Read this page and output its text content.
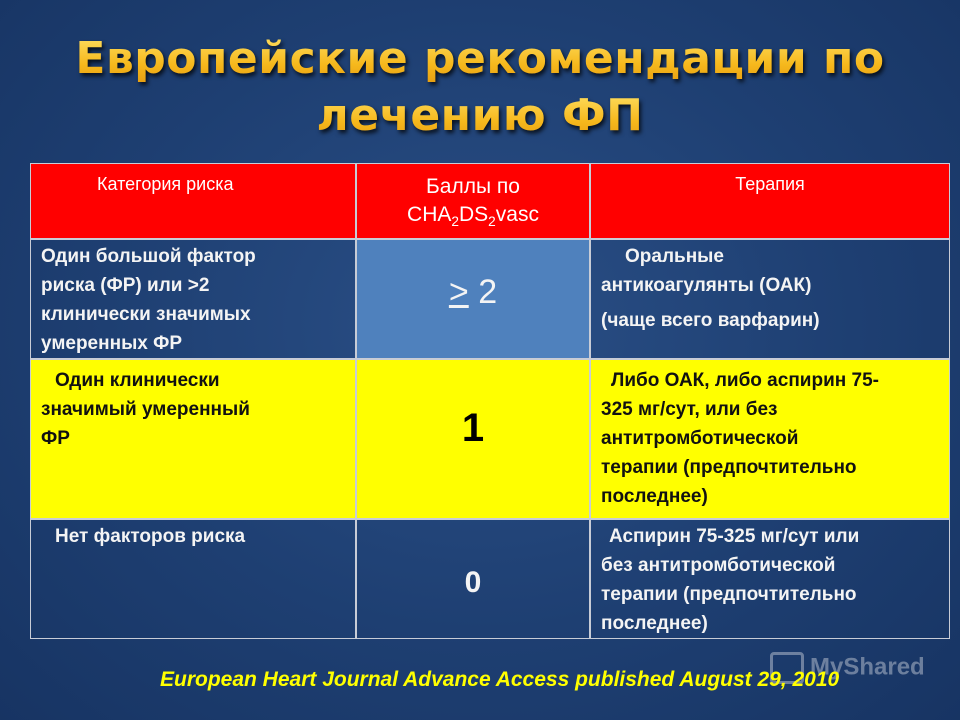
Европейские рекомендации по
лечению ФП
Категория риска	Баллы по
$CHA_2DS_2vasc$
Терапия
Один большой фактор
риска (ФР) или >2
клинически значимых
умеренных ФР
> 2
Оральные
антикоагулянты (ОАК)
(чаще всего варфарин)
Один клинически
значимый умеренный
ФР	1
Либо ОАК, либо аспирин 75-
325 мг/сут, или без
антитромботической
терапии (предпочтительно
последнее)
Нет факторов риска
0
Аспирин 75-325 мг/сут или
без антитромботической
терапии (предпочтительно
последнее)
MyShared
European Heart Journal Advance Access published August 29, 2010
